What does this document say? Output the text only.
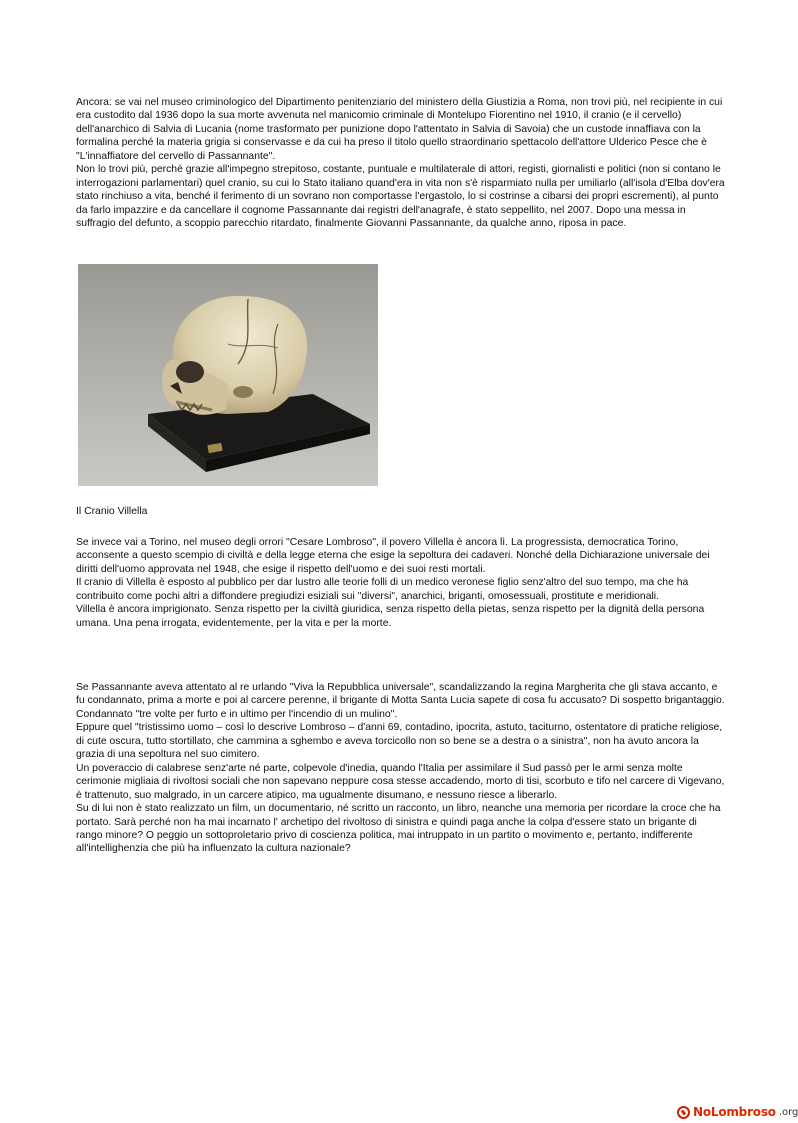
Ancora: se vai nel museo criminologico del Dipartimento penitenziario del ministero della Giustizia a Roma, non trovi più, nel recipiente in cui era custodito dal 1936 dopo la sua morte avvenuta nel manicomio criminale di Montelupo Fiorentino nel 1910, il cranio (e il cervello) dell'anarchico di Salvia di Lucania (nome trasformato per punizione dopo l'attentato in Salvia di Savoia) che un custode innaffiava con la formalina perché la materia grigia si conservasse e da cui ha preso il titolo quello straordinario spettacolo dell'attore Ulderico Pesce che è "L'innaffiatore del cervello di Passannante".

Non lo trovi più, perché grazie all'impegno strepitoso, costante, puntuale e multilaterale di attori, registi, giornalisti e politici (non si contano le interrogazioni parlamentari) quel cranio, su cui lo Stato italiano quand'era in vita non s'è risparmiato nulla per umiliarlo (all'isola d'Elba dov'era stato rinchiuso a vita, benché il ferimento di un sovrano non comportasse l'ergastolo, lo si costrinse a cibarsi dei propri escrementi), al punto da farlo impazzire e da cancellare il cognome Passannante dai registri dell'anagrafe, è stato seppellito, nel 2007. Dopo una messa in suffragio del defunto, a scoppio parecchio ritardato, finalmente Giovanni Passannante, da qualche anno, riposa in pace.

Il Cranio Villella

Se invece vai a Torino, nel museo degli orrori "Cesare Lombroso", il povero Villella è ancora lì. La progressista, democratica Torino, acconsente a questo scempio di civiltà e della legge eterna che esige la sepoltura dei cadaveri. Nonché della Dichiarazione universale dei diritti dell'uomo approvata nel 1948, che esige il rispetto dell'uomo e dei suoi resti mortali.

Il cranio di Villella è esposto al pubblico per dar lustro alle teorie folli di un medico veronese figlio senz'altro del suo tempo, ma che ha contribuito come pochi altri a diffondere pregiudizi esiziali sui "diversi", anarchici, briganti, omosessuali, prostitute e meridionali.

Villella è ancora imprigionato. Senza rispetto per la civiltà giuridica, senza rispetto della pietas, senza rispetto per la dignità della persona umana. Una pena irrogata, evidentemente, per la vita e per la morte.

Se Passannante aveva attentato al re urlando "Viva la Repubblica universale", scandalizzando la regina Margherita che gli stava accanto, e fu condannato, prima a morte e poi al carcere perenne, il brigante di Motta Santa Lucia sapete di cosa fu accusato? Di sospetto brigantaggio. Condannato "tre volte per furto e in ultimo per l'incendio di un mulino".

Eppure quel "tristissimo uomo – così lo descrive Lombroso – d'anni 69, contadino, ipocrita, astuto, taciturno, ostentatore di pratiche religiose, di cute oscura, tutto stortillato, che cammina a sghembo e aveva torcicollo non so bene se a destra o a sinistra", non ha avuto ancora la grazia di una sepoltura nel suo cimitero.

Un poveraccio di calabrese senz'arte né parte, colpevole d'inedia, quando l'Italia per assimilare il Sud passò per le armi senza molte cerimonie migliaia di rivoltosi sociali che non sapevano neppure cosa stesse accadendo, morto di tisi, scorbuto e tifo nel carcere di Vigevano, è trattenuto, suo malgrado, in un carcere atipico, ma ugualmente disumano, e nessuno riesce a liberarlo.

Su di lui non è stato realizzato un film, un documentario, né scritto un racconto, un libro, neanche una memoria per ricordare la croce che ha portato. Sarà perché non ha mai incarnato l' archetipo del rivoltoso di sinistra e quindi paga anche la colpa d'essere stato un brigante di rango minore? O peggio un sottoproletario privo di coscienza politica, mai intruppato in un partito o movimento e, pertanto, indifferente all'intellighenzia che più ha influenzato la cultura nazionale?

NoLombroso .org
